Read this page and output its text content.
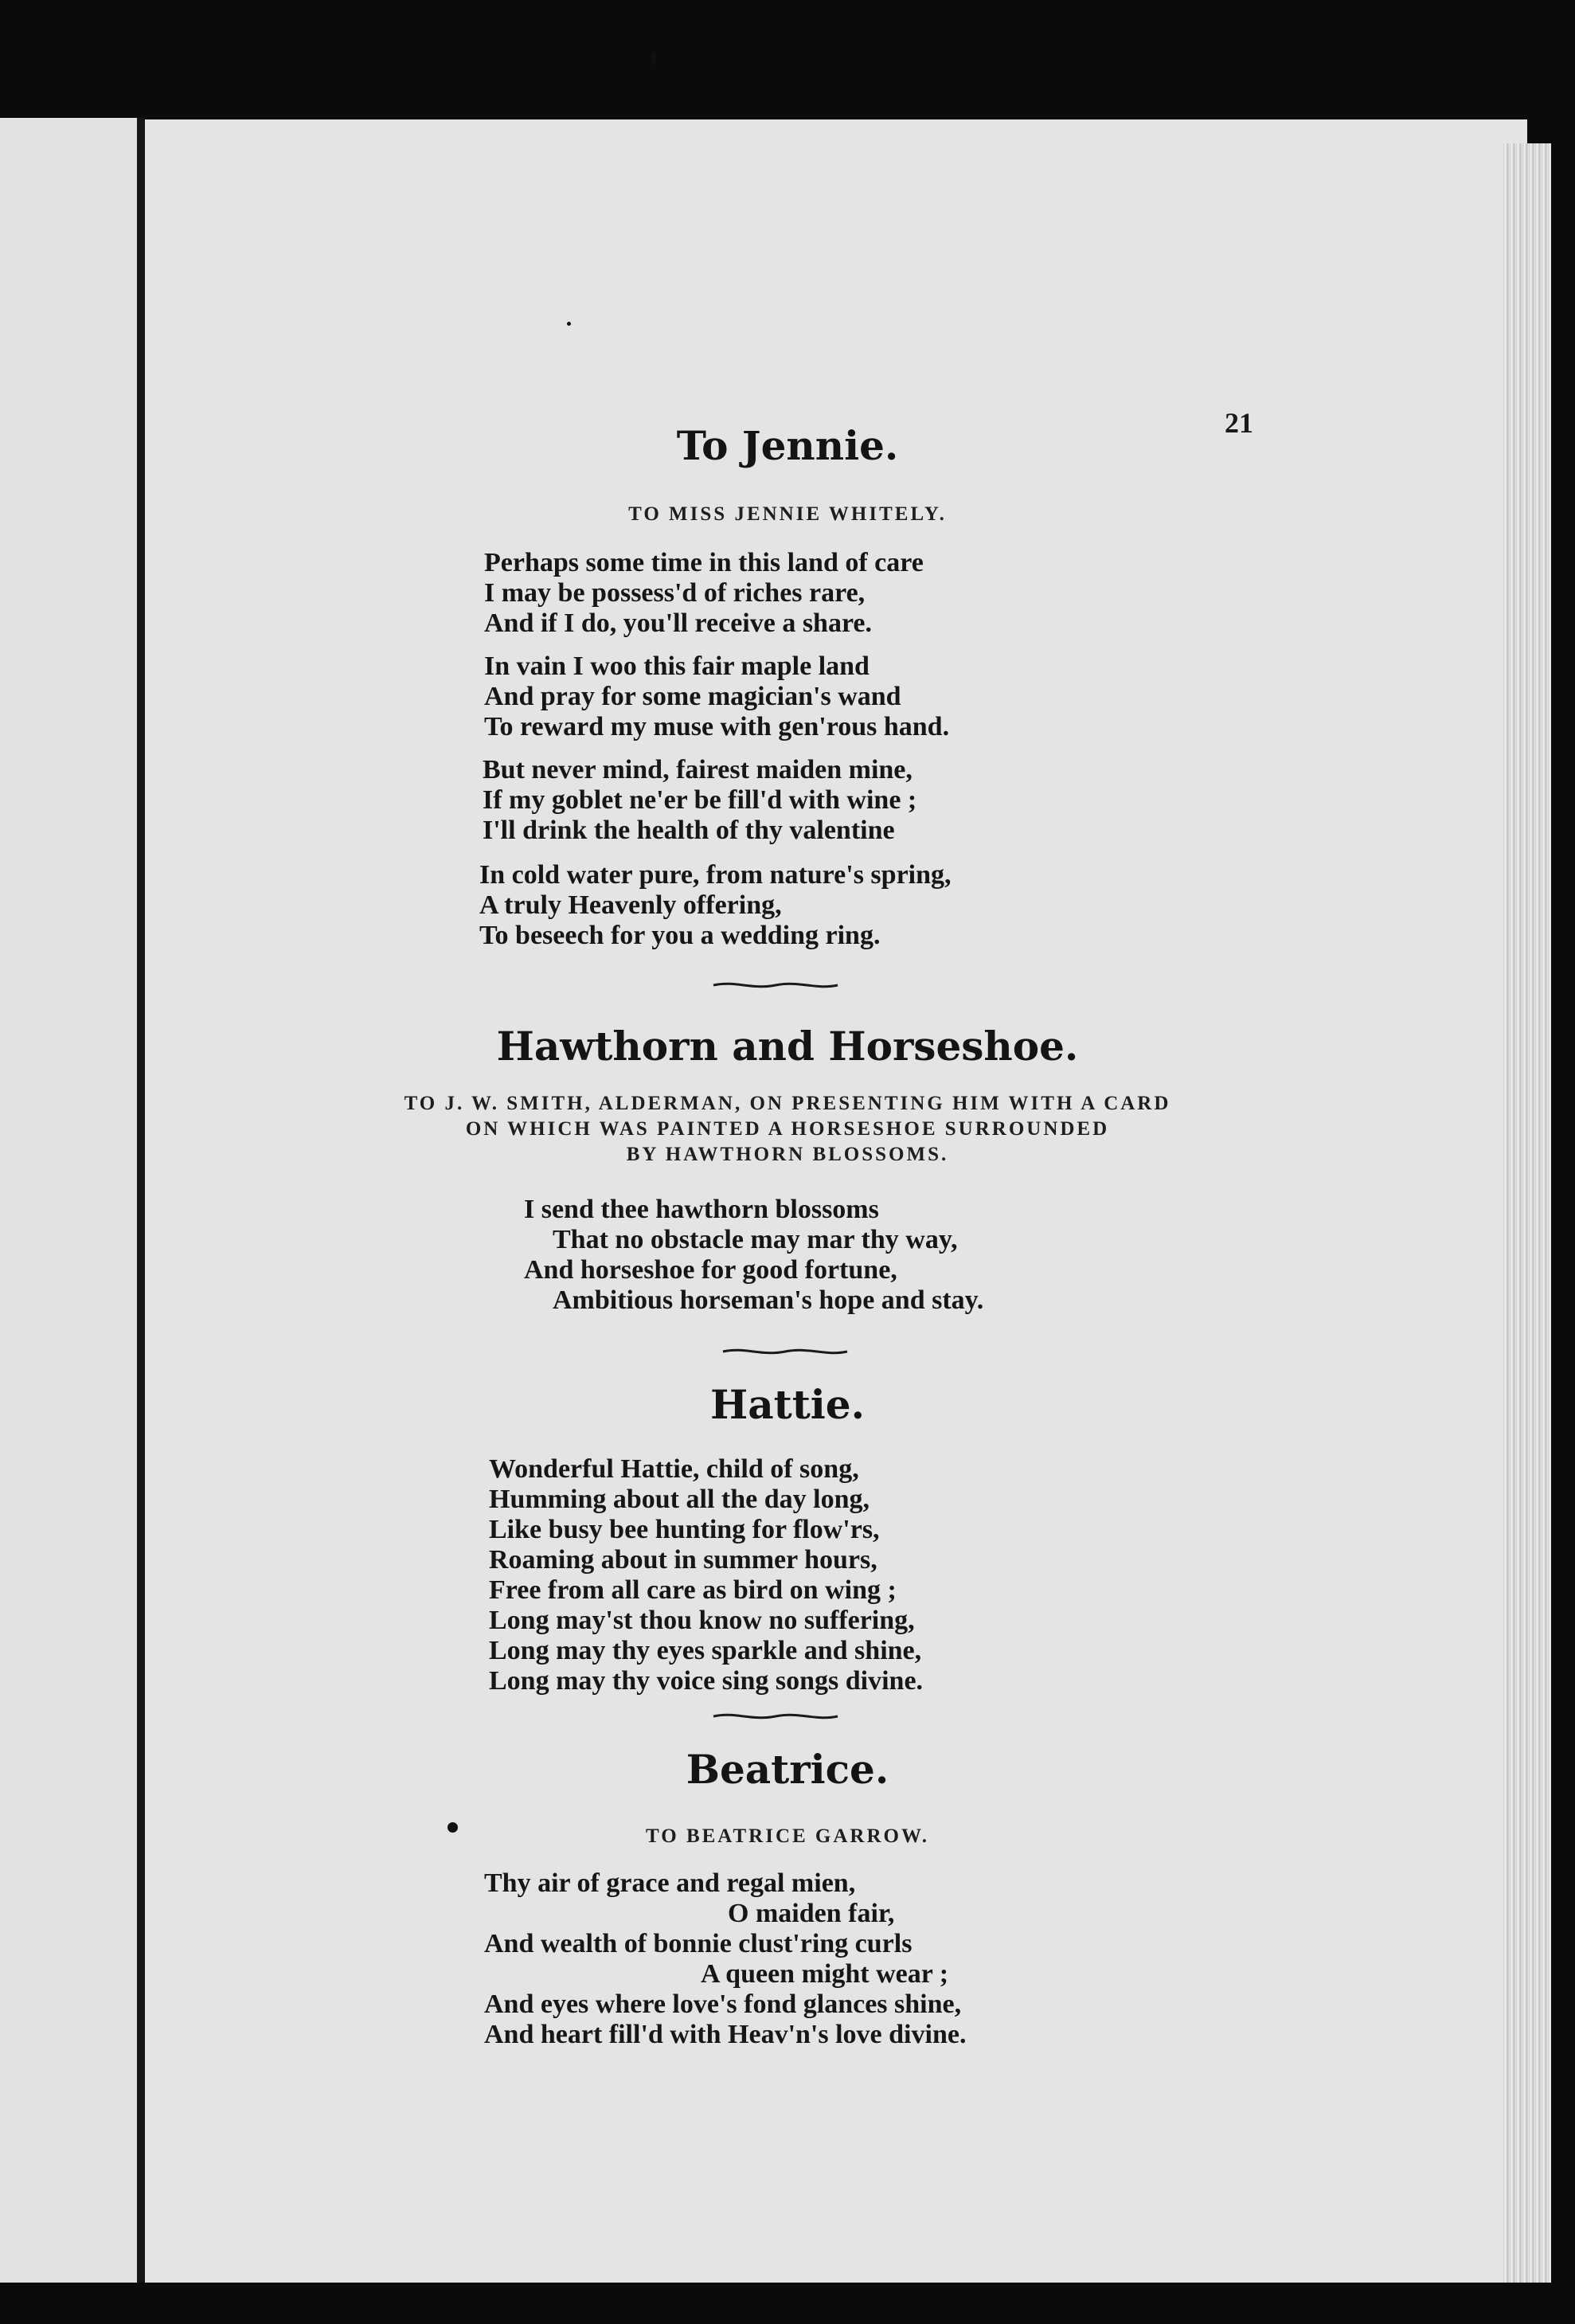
21
To Jennie.
TO MISS JENNIE WHITELY.
Perhaps some time in this land of care
I may be possess'd of riches rare,
And if I do, you'll receive a share.
In vain I woo this fair maple land
And pray for some magician's wand
To reward my muse with gen'rous hand.
But never mind, fairest maiden mine,
If my goblet ne'er be fill'd with wine ;
I'll drink the health of thy valentine
In cold water pure, from nature's spring,
A truly Heavenly offering,
To beseech for you a wedding ring.
Hawthorn and Horseshoe.
TO J. W. SMITH, ALDERMAN, ON PRESENTING HIM WITH A CARD
ON WHICH WAS PAINTED A HORSESHOE SURROUNDED
BY HAWTHORN BLOSSOMS.
I send thee hawthorn blossoms
That no obstacle may mar thy way,
And horseshoe for good fortune,
Ambitious horseman's hope and stay.
Hattie.
Wonderful Hattie, child of song,
Humming about all the day long,
Like busy bee hunting for flow'rs,
Roaming about in summer hours,
Free from all care as bird on wing ;
Long may'st thou know no suffering,
Long may thy eyes sparkle and shine,
Long may thy voice sing songs divine.
Beatrice.
TO BEATRICE GARROW.
Thy air of grace and regal mien,
O maiden fair,
And wealth of bonnie clust'ring curls
A queen might wear ;
And eyes where love's fond glances shine,
And heart fill'd with Heav'n's love divine.
